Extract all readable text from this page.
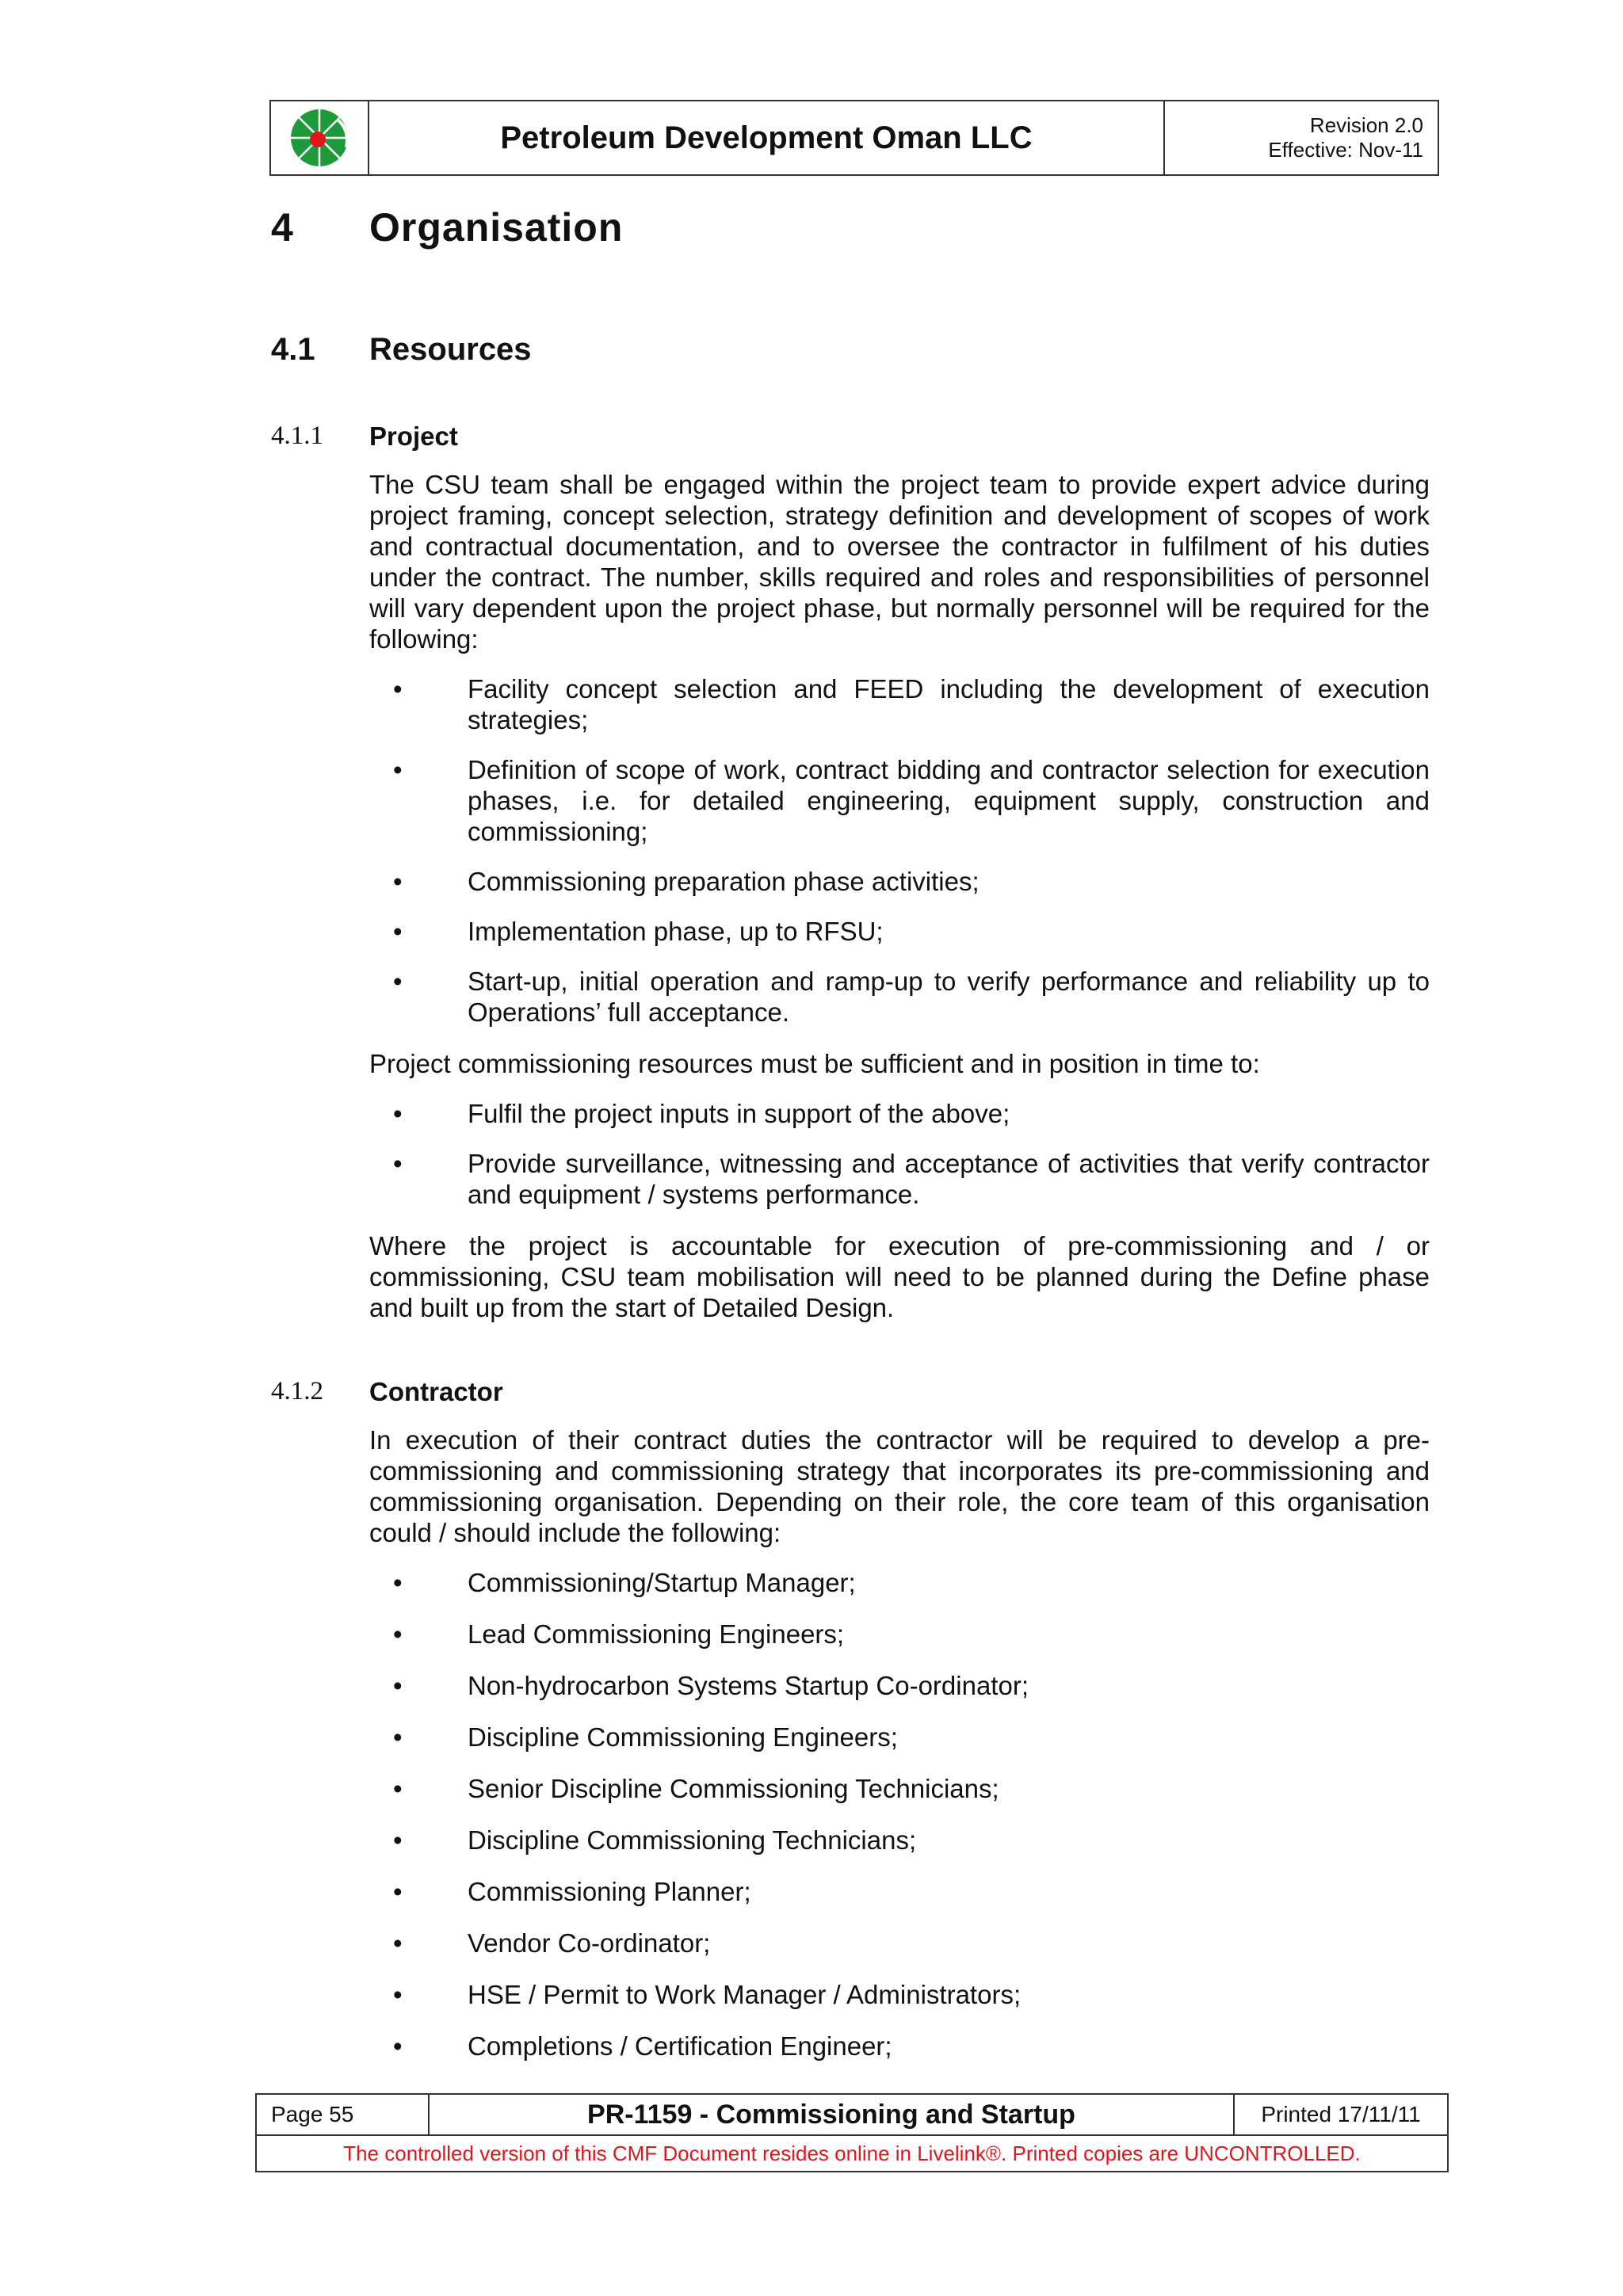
Petroleum Development Oman LLC	Revision 2.0
Effective: Nov-11
4 Organisation
4.1 Resources
4.1.1 Project

The CSU team shall be engaged within the project team to provide expert advice during project framing, concept selection, strategy definition and development of scopes of work and contractual documentation, and to oversee the contractor in fulfilment of his duties under the contract. The number, skills required and roles and responsibilities of personnel will vary dependent upon the project phase, but normally personnel will be required for the following:

• Facility concept selection and FEED including the development of execution strategies;
• Definition of scope of work, contract bidding and contractor selection for execution phases, i.e. for detailed engineering, equipment supply, construction and commissioning;
• Commissioning preparation phase activities;
• Implementation phase, up to RFSU;
• Start-up, initial operation and ramp-up to verify performance and reliability up to Operations’ full acceptance.

Project commissioning resources must be sufficient and in position in time to:

• Fulfil the project inputs in support of the above;
• Provide surveillance, witnessing and acceptance of activities that verify contractor and equipment / systems performance.

Where the project is accountable for execution of pre-commissioning and / or commissioning, CSU team mobilisation will need to be planned during the Define phase and built up from the start of Detailed Design.

4.1.2 Contractor

In execution of their contract duties the contractor will be required to develop a pre-commissioning and commissioning strategy that incorporates its pre-commissioning and commissioning organisation. Depending on their role, the core team of this organisation could / should include the following:

• Commissioning/Startup Manager;
• Lead Commissioning Engineers;
• Non-hydrocarbon Systems Startup Co-ordinator;
• Discipline Commissioning Engineers;
• Senior Discipline Commissioning Technicians;
• Discipline Commissioning Technicians;
• Commissioning Planner;
• Vendor Co-ordinator;
• HSE / Permit to Work Manager / Administrators;
• Completions / Certification Engineer;
Page 55	PR-1159 - Commissioning and Startup	Printed 17/11/11
The controlled version of this CMF Document resides online in Livelink®. Printed copies are UNCONTROLLED.
